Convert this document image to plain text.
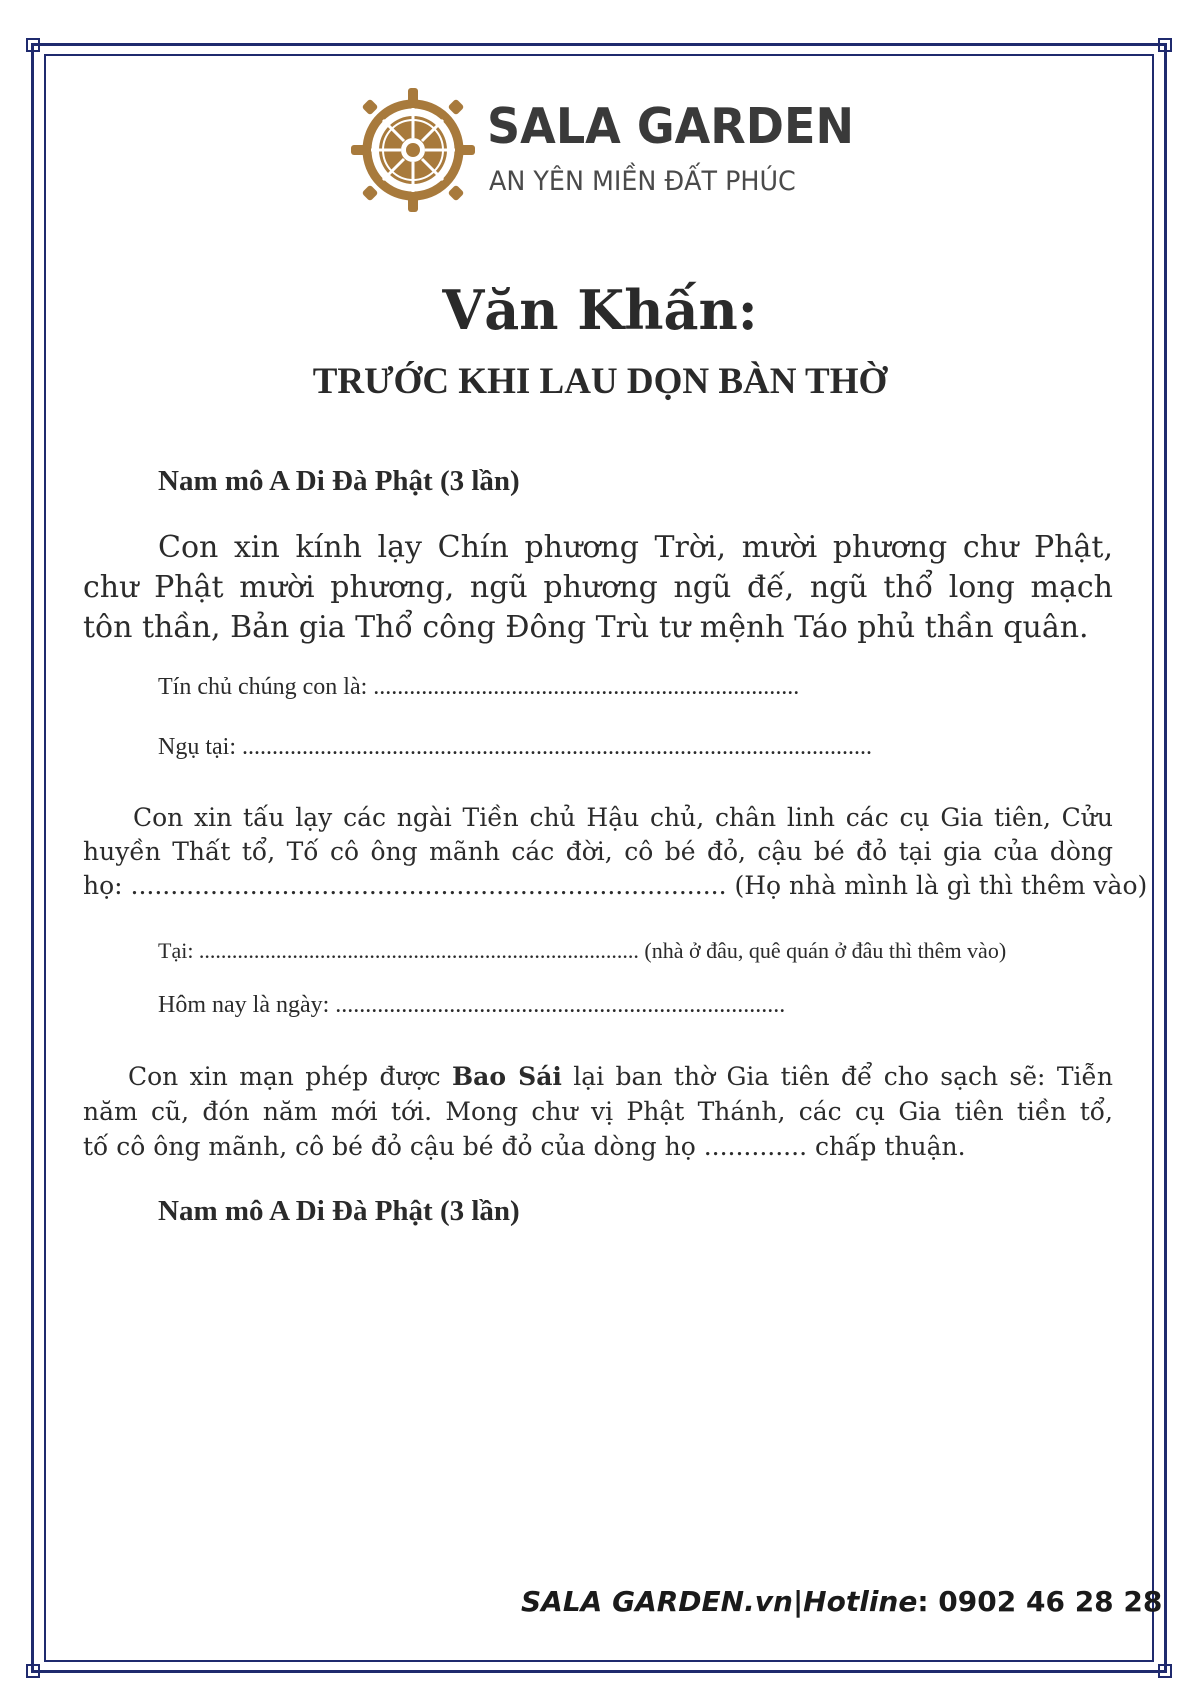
SALA GARDEN
AN YÊN MIỀN ĐẤT PHÚC
Văn Khấn:
TRƯỚC KHI LAU DỌN BÀN THỜ
Nam mô A Di Đà Phật (3 lần)
Con xin kính lạy Chín phương Trời, mười phương chư Phật,
chư Phật mười phương, ngũ phương ngũ đế, ngũ thổ long mạch
tôn thần, Bản gia Thổ công Đông Trù tư mệnh Táo phủ thần quân.
Tín chủ chúng con là: .......................................................................
Ngụ tại: .........................................................................................................
Con xin tấu lạy các ngài Tiền chủ Hậu chủ, chân linh các cụ Gia tiên, Cửu
huyền Thất tổ, Tố cô ông mãnh các đời, cô bé đỏ, cậu bé đỏ tại gia của dòng
họ: ........................................................................... (Họ nhà mình là gì thì thêm vào)
Tại: ................................................................................ (nhà ở đâu, quê quán ở đâu thì thêm vào)
Hôm nay là ngày: ...........................................................................
Con xin mạn phép được Bao Sái lại ban thờ Gia tiên để cho sạch sẽ: Tiễn
năm cũ, đón năm mới tới. Mong chư vị Phật Thánh, các cụ Gia tiên tiền tổ,
tố cô ông mãnh, cô bé đỏ cậu bé đỏ của dòng họ ............. chấp thuận.
Nam mô A Di Đà Phật (3 lần)
SALA GARDEN.vn|Hotline: 0902 46 28 28
